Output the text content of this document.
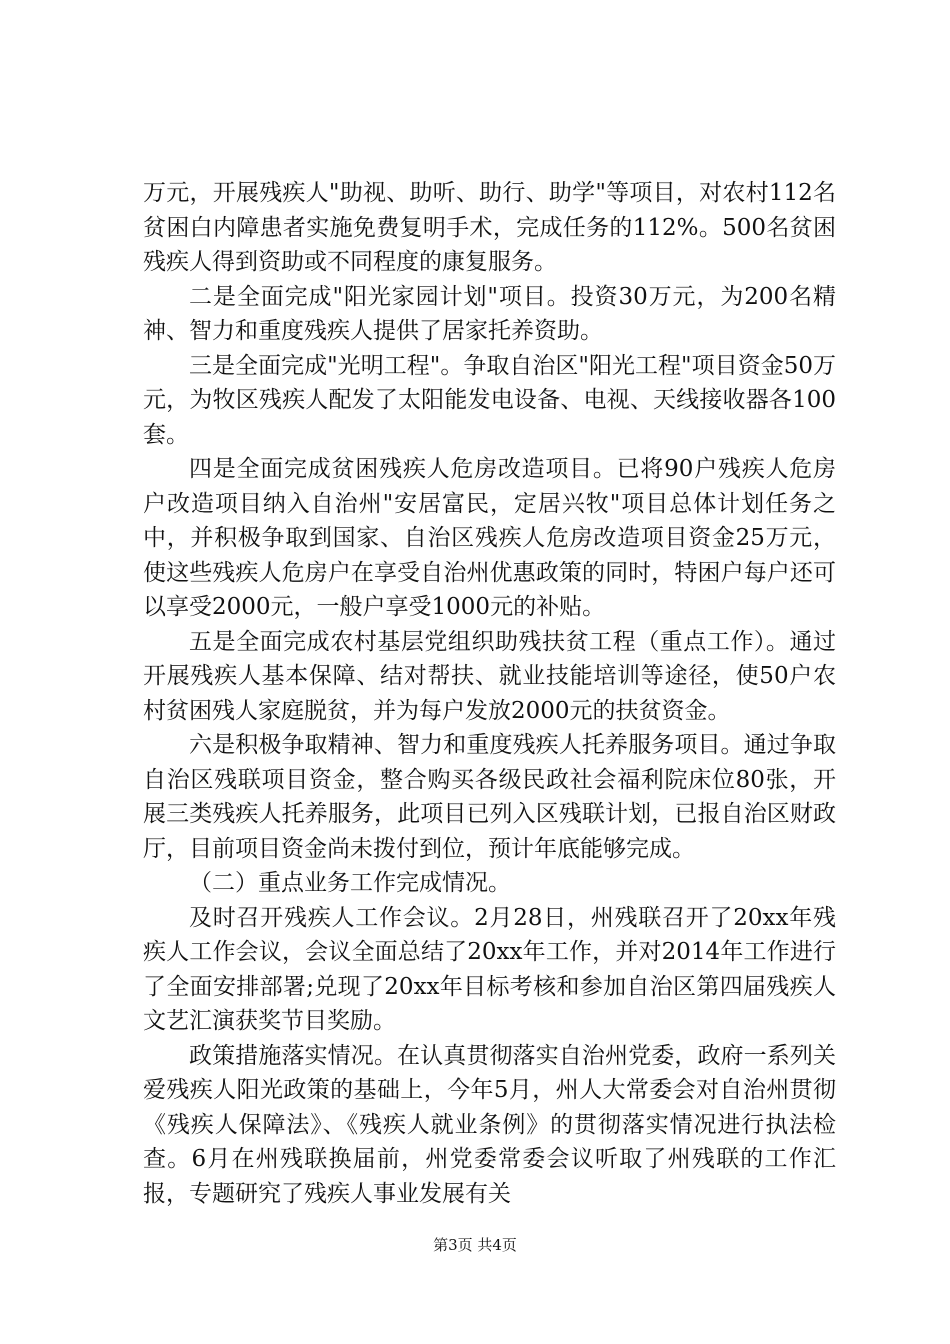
万元，开展残疾人"助视、助听、助行、助学"等项目，对农村112名贫困白内障患者实施免费复明手术，完成任务的112%。500名贫困残疾人得到资助或不同程度的康复服务。

二是全面完成"阳光家园计划"项目。投资30万元，为200名精神、智力和重度残疾人提供了居家托养资助。

三是全面完成"光明工程"。争取自治区"阳光工程"项目资金50万元，为牧区残疾人配发了太阳能发电设备、电视、天线接收器各100套。

四是全面完成贫困残疾人危房改造项目。已将90户残疾人危房户改造项目纳入自治州"安居富民，定居兴牧"项目总体计划任务之中，并积极争取到国家、自治区残疾人危房改造项目资金25万元，使这些残疾人危房户在享受自治州优惠政策的同时，特困户每户还可以享受2000元，一般户享受1000元的补贴。

五是全面完成农村基层党组织助残扶贫工程（重点工作）。通过开展残疾人基本保障、结对帮扶、就业技能培训等途径，使50户农村贫困残人家庭脱贫，并为每户发放2000元的扶贫资金。

六是积极争取精神、智力和重度残疾人托养服务项目。通过争取自治区残联项目资金，整合购买各级民政社会福利院床位80张，开展三类残疾人托养服务，此项目已列入区残联计划，已报自治区财政厅，目前项目资金尚未拨付到位，预计年底能够完成。

（二）重点业务工作完成情况。

及时召开残疾人工作会议。2月28日，州残联召开了20xx年残疾人工作会议，会议全面总结了20xx年工作，并对2014年工作进行了全面安排部署;兑现了20xx年目标考核和参加自治区第四届残疾人文艺汇演获奖节目奖励。

政策措施落实情况。在认真贯彻落实自治州党委，政府一系列关爱残疾人阳光政策的基础上，今年5月，州人大常委会对自治州贯彻《残疾人保障法》、《残疾人就业条例》的贯彻落实情况进行执法检查。6月在州残联换届前，州党委常委会议听取了州残联的工作汇报，专题研究了残疾人事业发展有关

第3页 共4页
